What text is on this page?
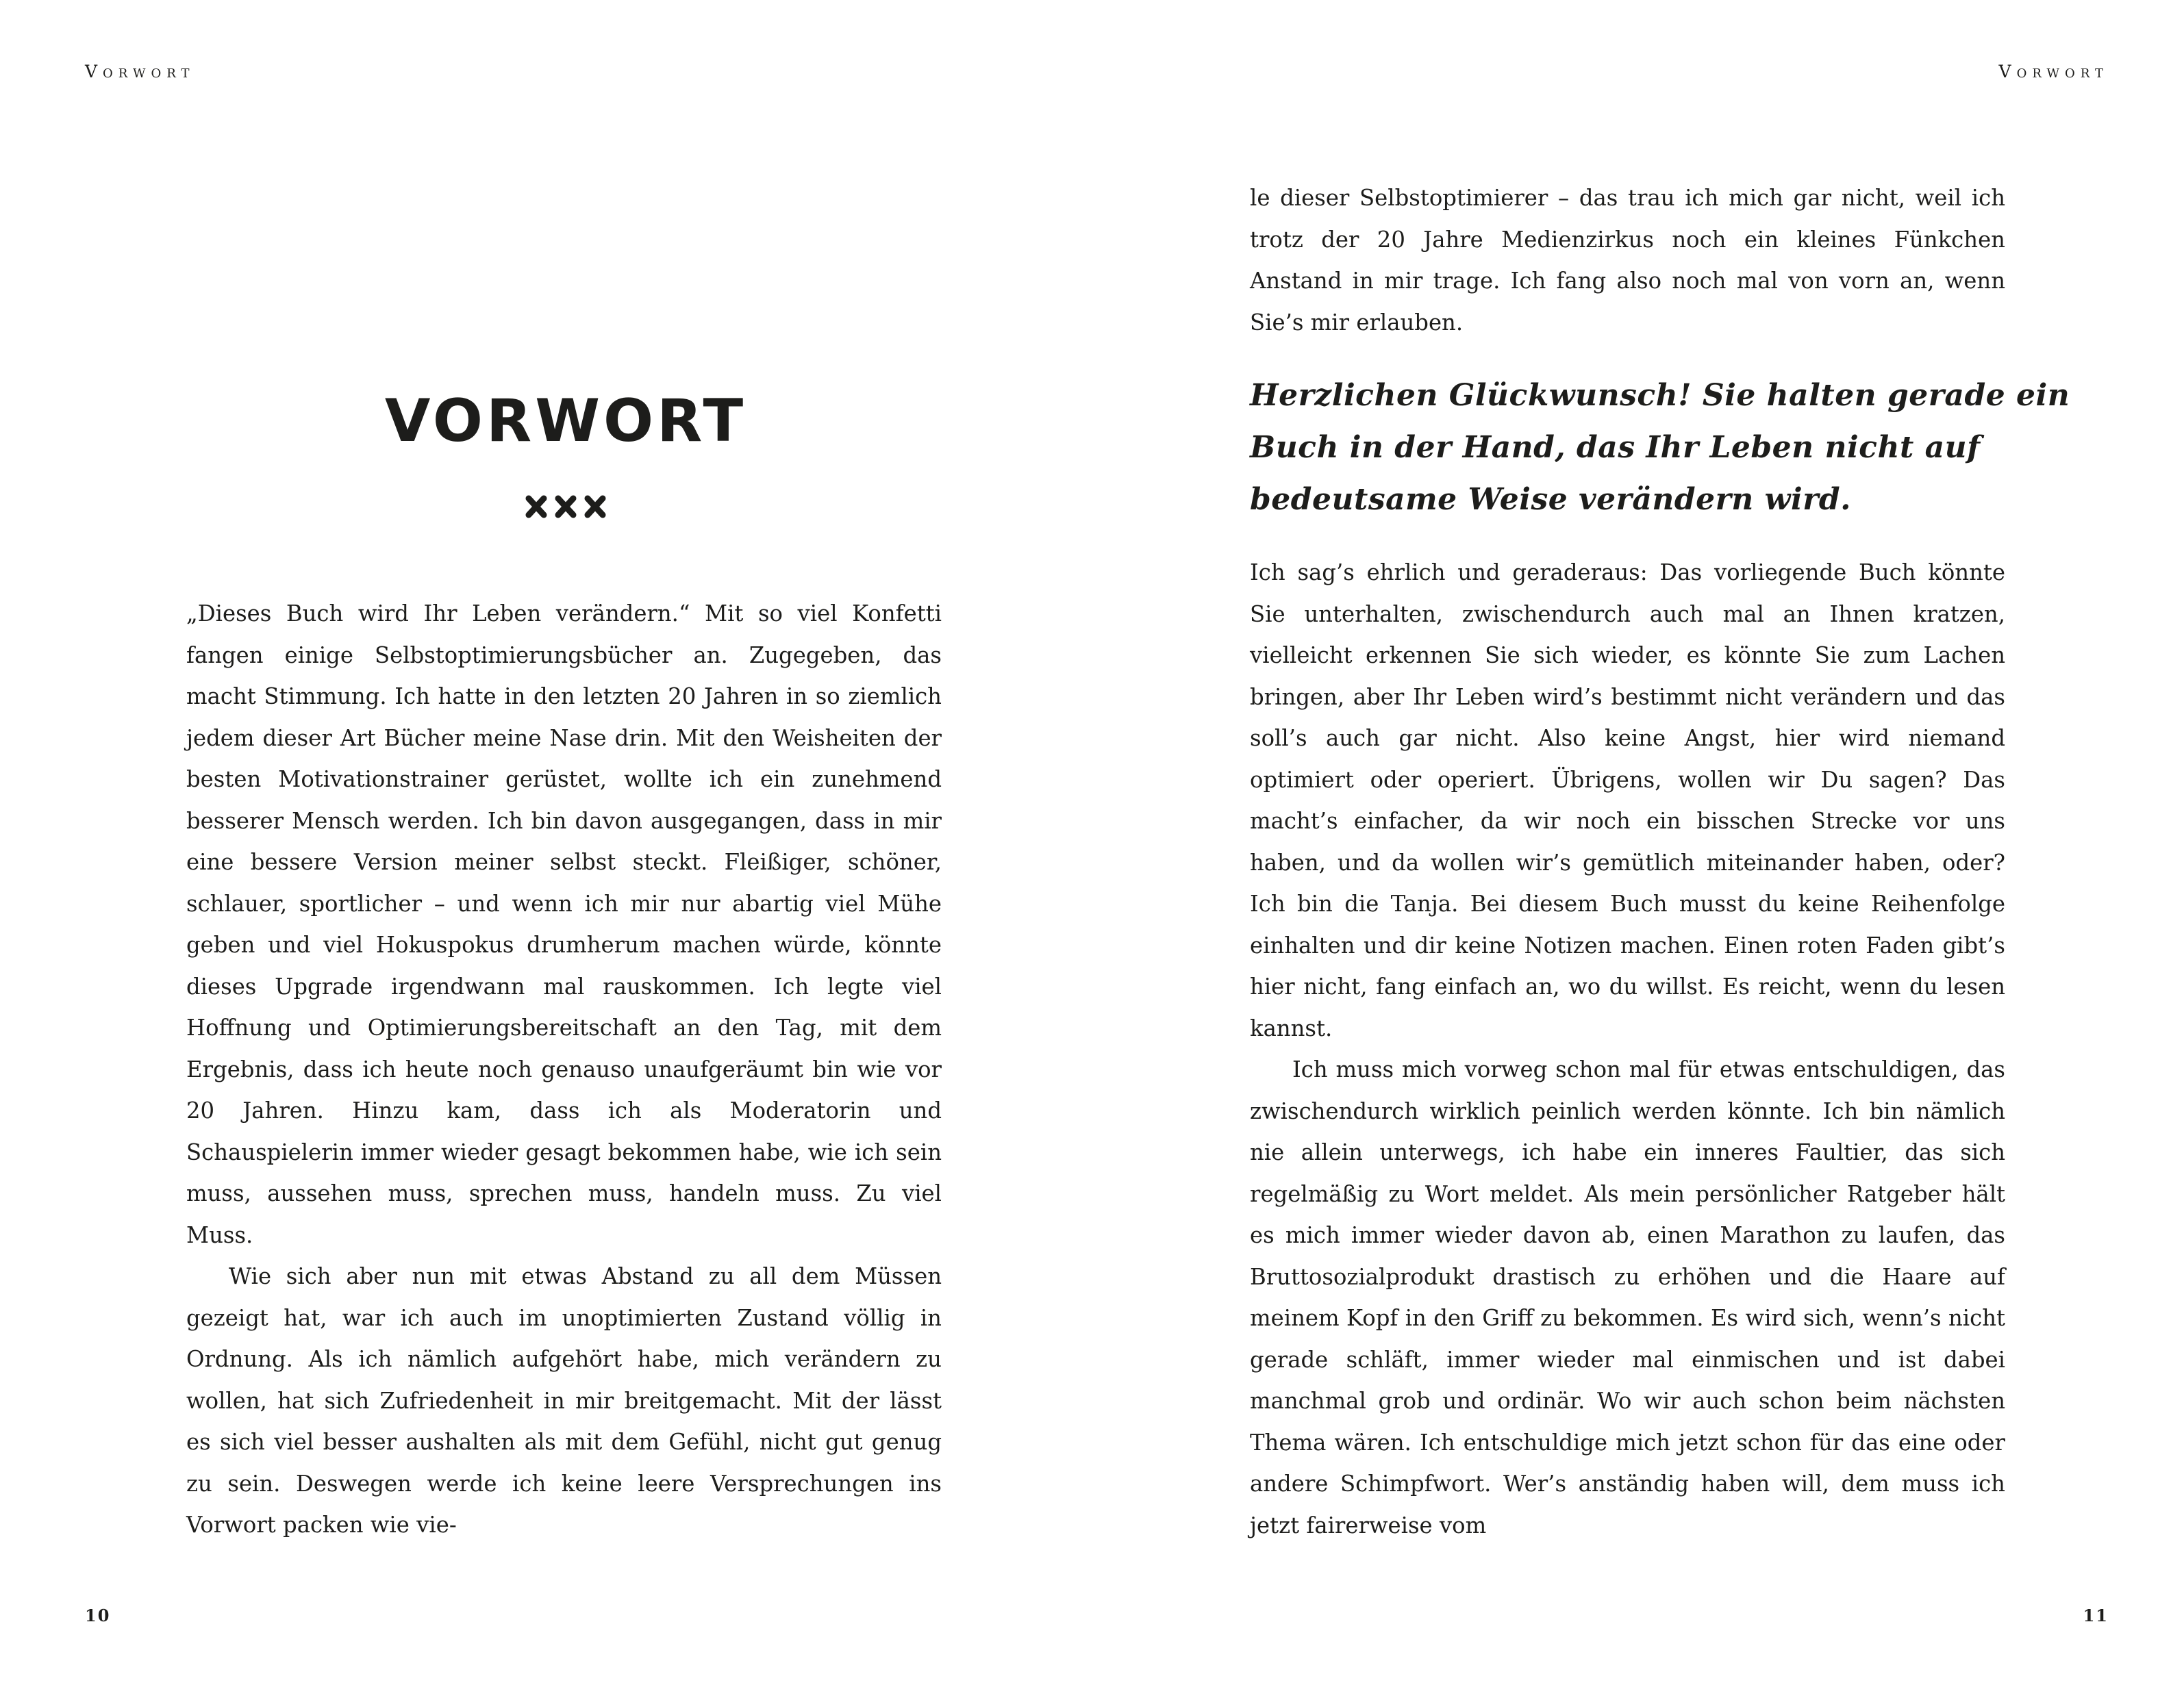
Vorwort
VORWORT

„Dieses Buch wird Ihr Leben verändern.“ Mit so viel Konfetti fangen einige Selbstoptimierungsbücher an. Zugegeben, das macht Stimmung. Ich hatte in den letzten 20 Jahren in so ziemlich jedem dieser Art Bücher meine Nase drin. Mit den Weisheiten der besten Motivationstrainer gerüstet, wollte ich ein zunehmend besserer Mensch werden. Ich bin davon ausgegangen, dass in mir eine bessere Version meiner selbst steckt. Fleißiger, schöner, schlauer, sportlicher – und wenn ich mir nur abartig viel Mühe geben und viel Hokuspokus drumherum machen würde, könnte dieses Upgrade irgendwann mal rauskommen. Ich legte viel Hoffnung und Optimierungsbereitschaft an den Tag, mit dem Ergebnis, dass ich heute noch genauso unaufgeräumt bin wie vor 20 Jahren. Hinzu kam, dass ich als Moderatorin und Schauspielerin immer wieder gesagt bekommen habe, wie ich sein muss, aussehen muss, sprechen muss, handeln muss. Zu viel Muss.

Wie sich aber nun mit etwas Abstand zu all dem Müssen gezeigt hat, war ich auch im unoptimierten Zustand völlig in Ordnung. Als ich nämlich aufgehört habe, mich verändern zu wollen, hat sich Zufriedenheit in mir breitgemacht. Mit der lässt es sich viel besser aushalten als mit dem Gefühl, nicht gut genug zu sein. Deswegen werde ich keine leere Versprechungen ins Vorwort packen wie vie-

10
Vorwort

le dieser Selbstoptimierer – das trau ich mich gar nicht, weil ich trotz der 20 Jahre Medienzirkus noch ein kleines Fünkchen Anstand in mir trage. Ich fang also noch mal von vorn an, wenn Sie’s mir erlauben.

Herzlichen Glückwunsch! Sie halten gerade ein Buch in der Hand, das Ihr Leben nicht auf bedeutsame Weise verändern wird.

Ich sag’s ehrlich und geraderaus: Das vorliegende Buch könnte Sie unterhalten, zwischendurch auch mal an Ihnen kratzen, vielleicht erkennen Sie sich wieder, es könnte Sie zum Lachen bringen, aber Ihr Leben wird’s bestimmt nicht verändern und das soll’s auch gar nicht. Also keine Angst, hier wird niemand optimiert oder operiert. Übrigens, wollen wir Du sagen? Das macht’s einfacher, da wir noch ein bisschen Strecke vor uns haben, und da wollen wir’s gemütlich miteinander haben, oder? Ich bin die Tanja. Bei diesem Buch musst du keine Reihenfolge einhalten und dir keine Notizen machen. Einen roten Faden gibt’s hier nicht, fang einfach an, wo du willst. Es reicht, wenn du lesen kannst.

Ich muss mich vorweg schon mal für etwas entschuldigen, das zwischendurch wirklich peinlich werden könnte. Ich bin nämlich nie allein unterwegs, ich habe ein inneres Faultier, das sich regelmäßig zu Wort meldet. Als mein persönlicher Ratgeber hält es mich immer wieder davon ab, einen Marathon zu laufen, das Bruttosozialprodukt drastisch zu erhöhen und die Haare auf meinem Kopf in den Griff zu bekommen. Es wird sich, wenn’s nicht gerade schläft, immer wieder mal einmischen und ist dabei manchmal grob und ordinär. Wo wir auch schon beim nächsten Thema wären. Ich entschuldige mich jetzt schon für das eine oder andere Schimpfwort. Wer’s anständig haben will, dem muss ich jetzt fairerweise vom

11
